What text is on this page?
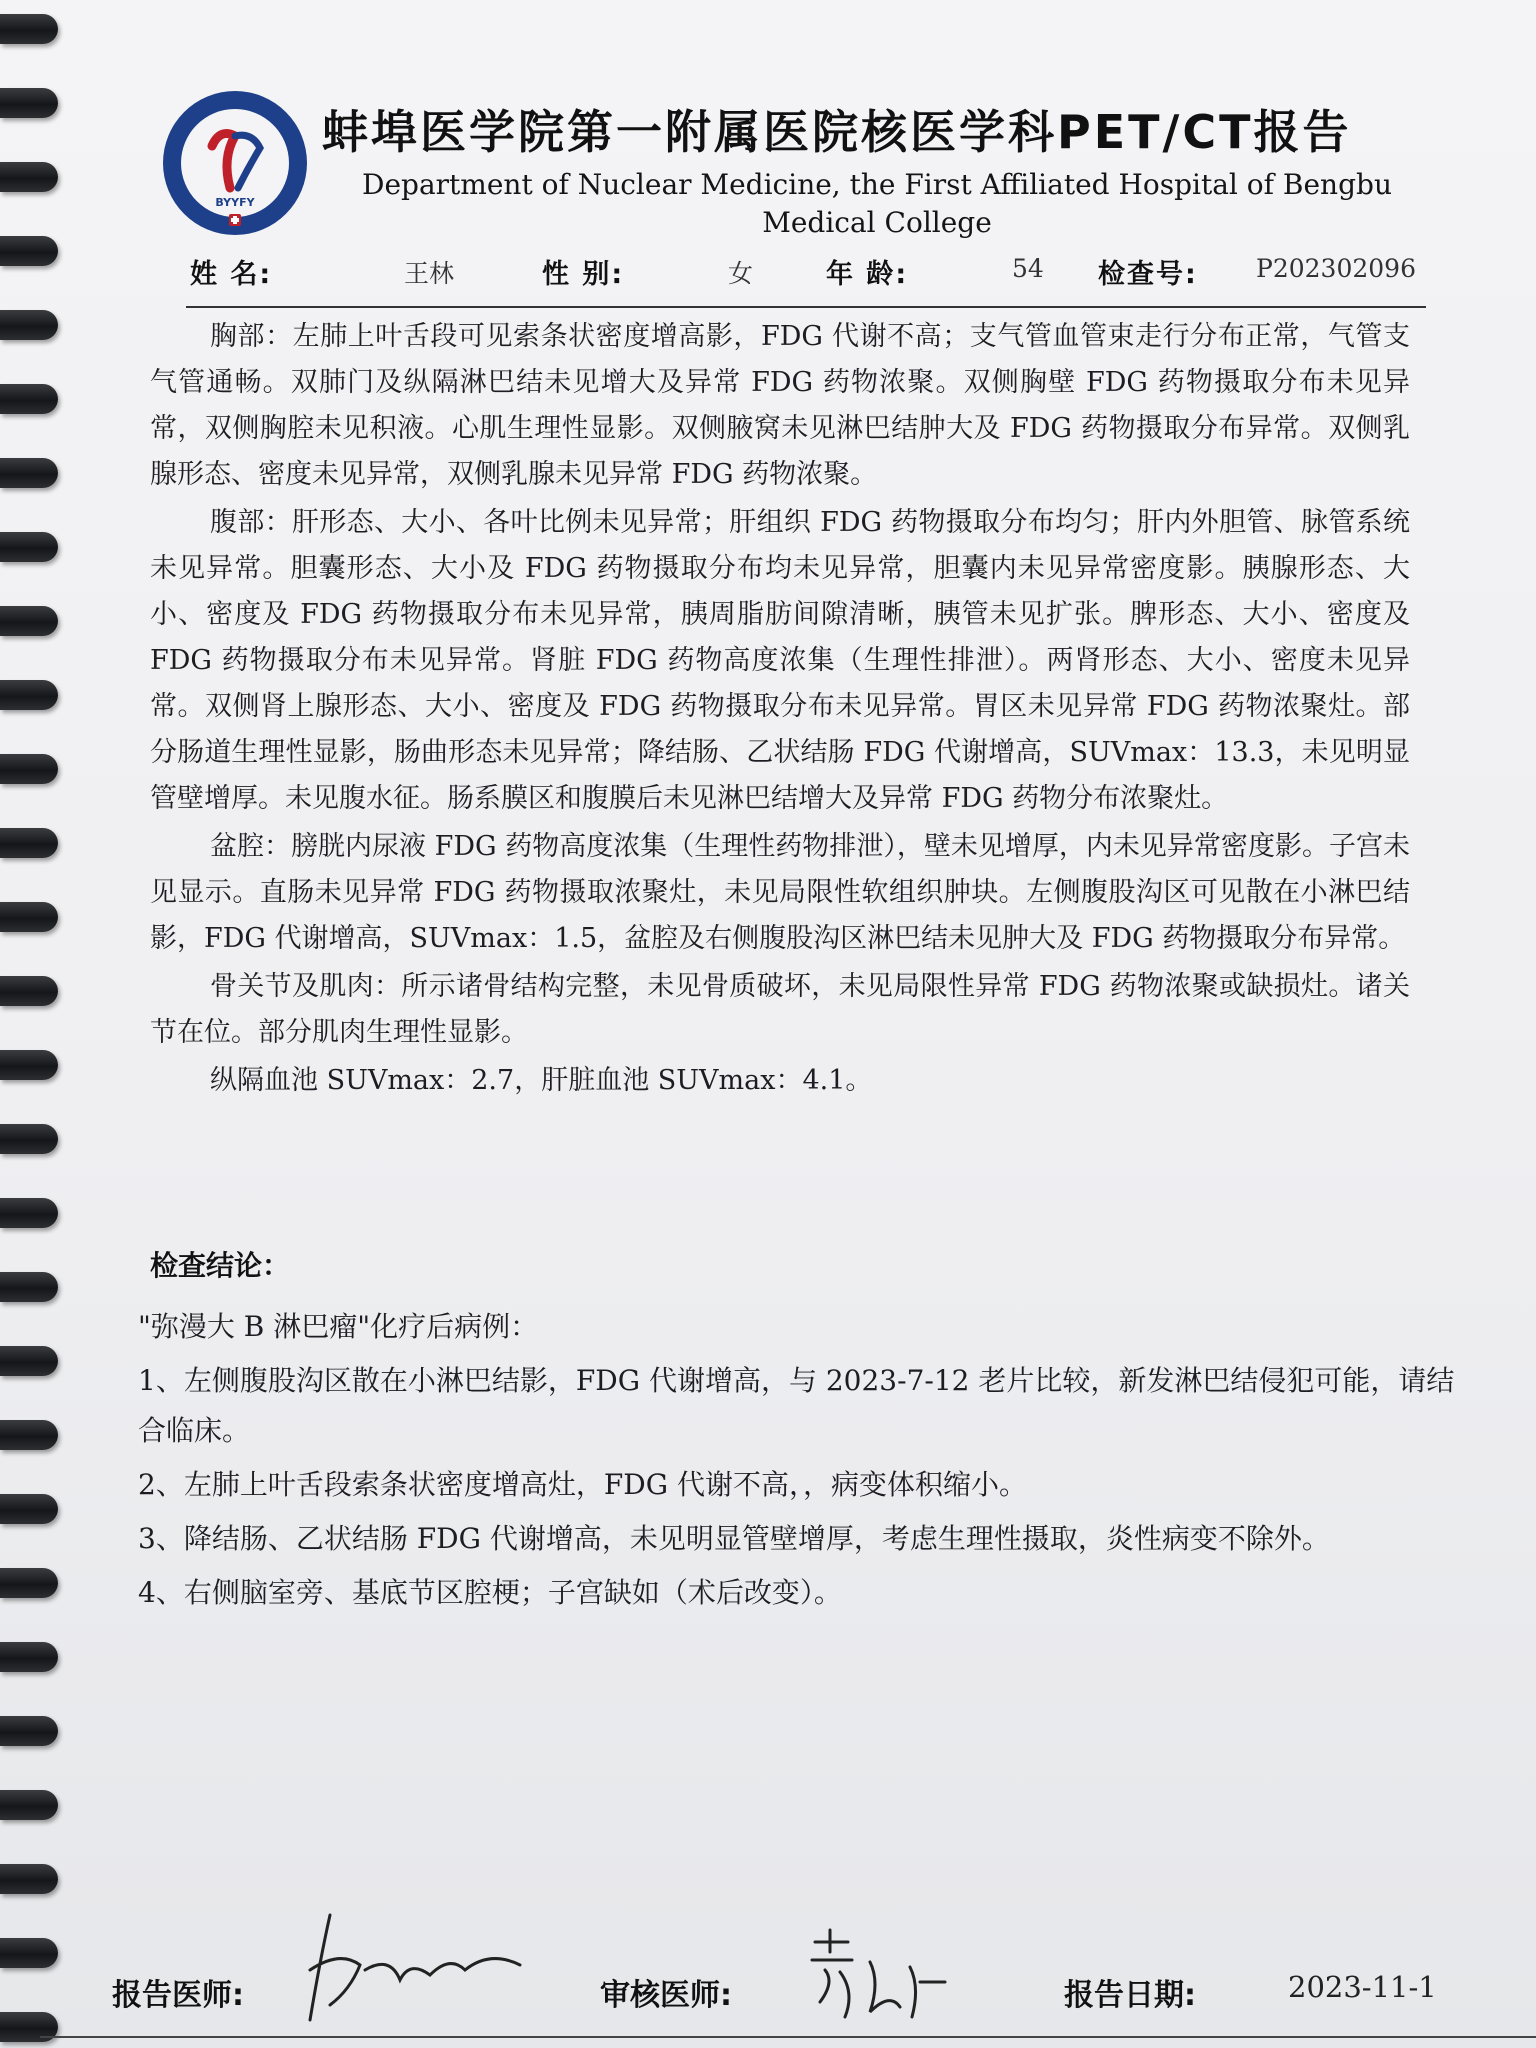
BYYFY
蚌埠医学院第一附属医院核医学科PET/CT报告
Department of Nuclear Medicine, the First Affiliated Hospital of Bengbu Medical College
姓 名:	王林	性 别:	女	年 龄:	54 检查号: P202302096

胸部：左肺上叶舌段可见索条状密度增高影，FDG 代谢不高；支气管血管束走行分布正常，气管支气管通畅。双肺门及纵隔淋巴结未见增大及异常 FDG 药物浓聚。双侧胸壁 FDG 药物摄取分布未见异常，双侧胸腔未见积液。心肌生理性显影。双侧腋窝未见淋巴结肿大及 FDG 药物摄取分布异常。双侧乳腺形态、密度未见异常，双侧乳腺未见异常 FDG 药物浓聚。

腹部：肝形态、大小、各叶比例未见异常；肝组织 FDG 药物摄取分布均匀；肝内外胆管、脉管系统未见异常。胆囊形态、大小及 FDG 药物摄取分布均未见异常，胆囊内未见异常密度影。胰腺形态、大小、密度及 FDG 药物摄取分布未见异常，胰周脂肪间隙清晰，胰管未见扩张。脾形态、大小、密度及 FDG 药物摄取分布未见异常。肾脏 FDG 药物高度浓集（生理性排泄）。两肾形态、大小、密度未见异常。双侧肾上腺形态、大小、密度及 FDG 药物摄取分布未见异常。胃区未见异常 FDG 药物浓聚灶。部分肠道生理性显影，肠曲形态未见异常；降结肠、乙状结肠 FDG 代谢增高，SUVmax：13.3，未见明显管壁增厚。未见腹水征。肠系膜区和腹膜后未见淋巴结增大及异常 FDG 药物分布浓聚灶。

盆腔：膀胱内尿液 FDG 药物高度浓集（生理性药物排泄），壁未见增厚，内未见异常密度影。子宫未见显示。直肠未见异常 FDG 药物摄取浓聚灶，未见局限性软组织肿块。左侧腹股沟区可见散在小淋巴结影，FDG 代谢增高，SUVmax：1.5，盆腔及右侧腹股沟区淋巴结未见肿大及 FDG 药物摄取分布异常。

骨关节及肌肉：所示诸骨结构完整，未见骨质破坏，未见局限性异常 FDG 药物浓聚或缺损灶。诸关节在位。部分肌肉生理性显影。

纵隔血池 SUVmax：2.7，肝脏血池 SUVmax：4.1。

检查结论：

"弥漫大 B 淋巴瘤"化疗后病例：

1、左侧腹股沟区散在小淋巴结影，FDG 代谢增高，与 2023-7-12 老片比较，新发淋巴结侵犯可能，请结合临床。

2、左肺上叶舌段索条状密度增高灶，FDG 代谢不高，，病变体积缩小。

3、降结肠、乙状结肠 FDG 代谢增高，未见明显管壁增厚，考虑生理性摄取，炎性病变不除外。

4、右侧脑室旁、基底节区腔梗；子宫缺如（术后改变）。

报告医师:	审核医师:	报告日期:	2023-11-1
